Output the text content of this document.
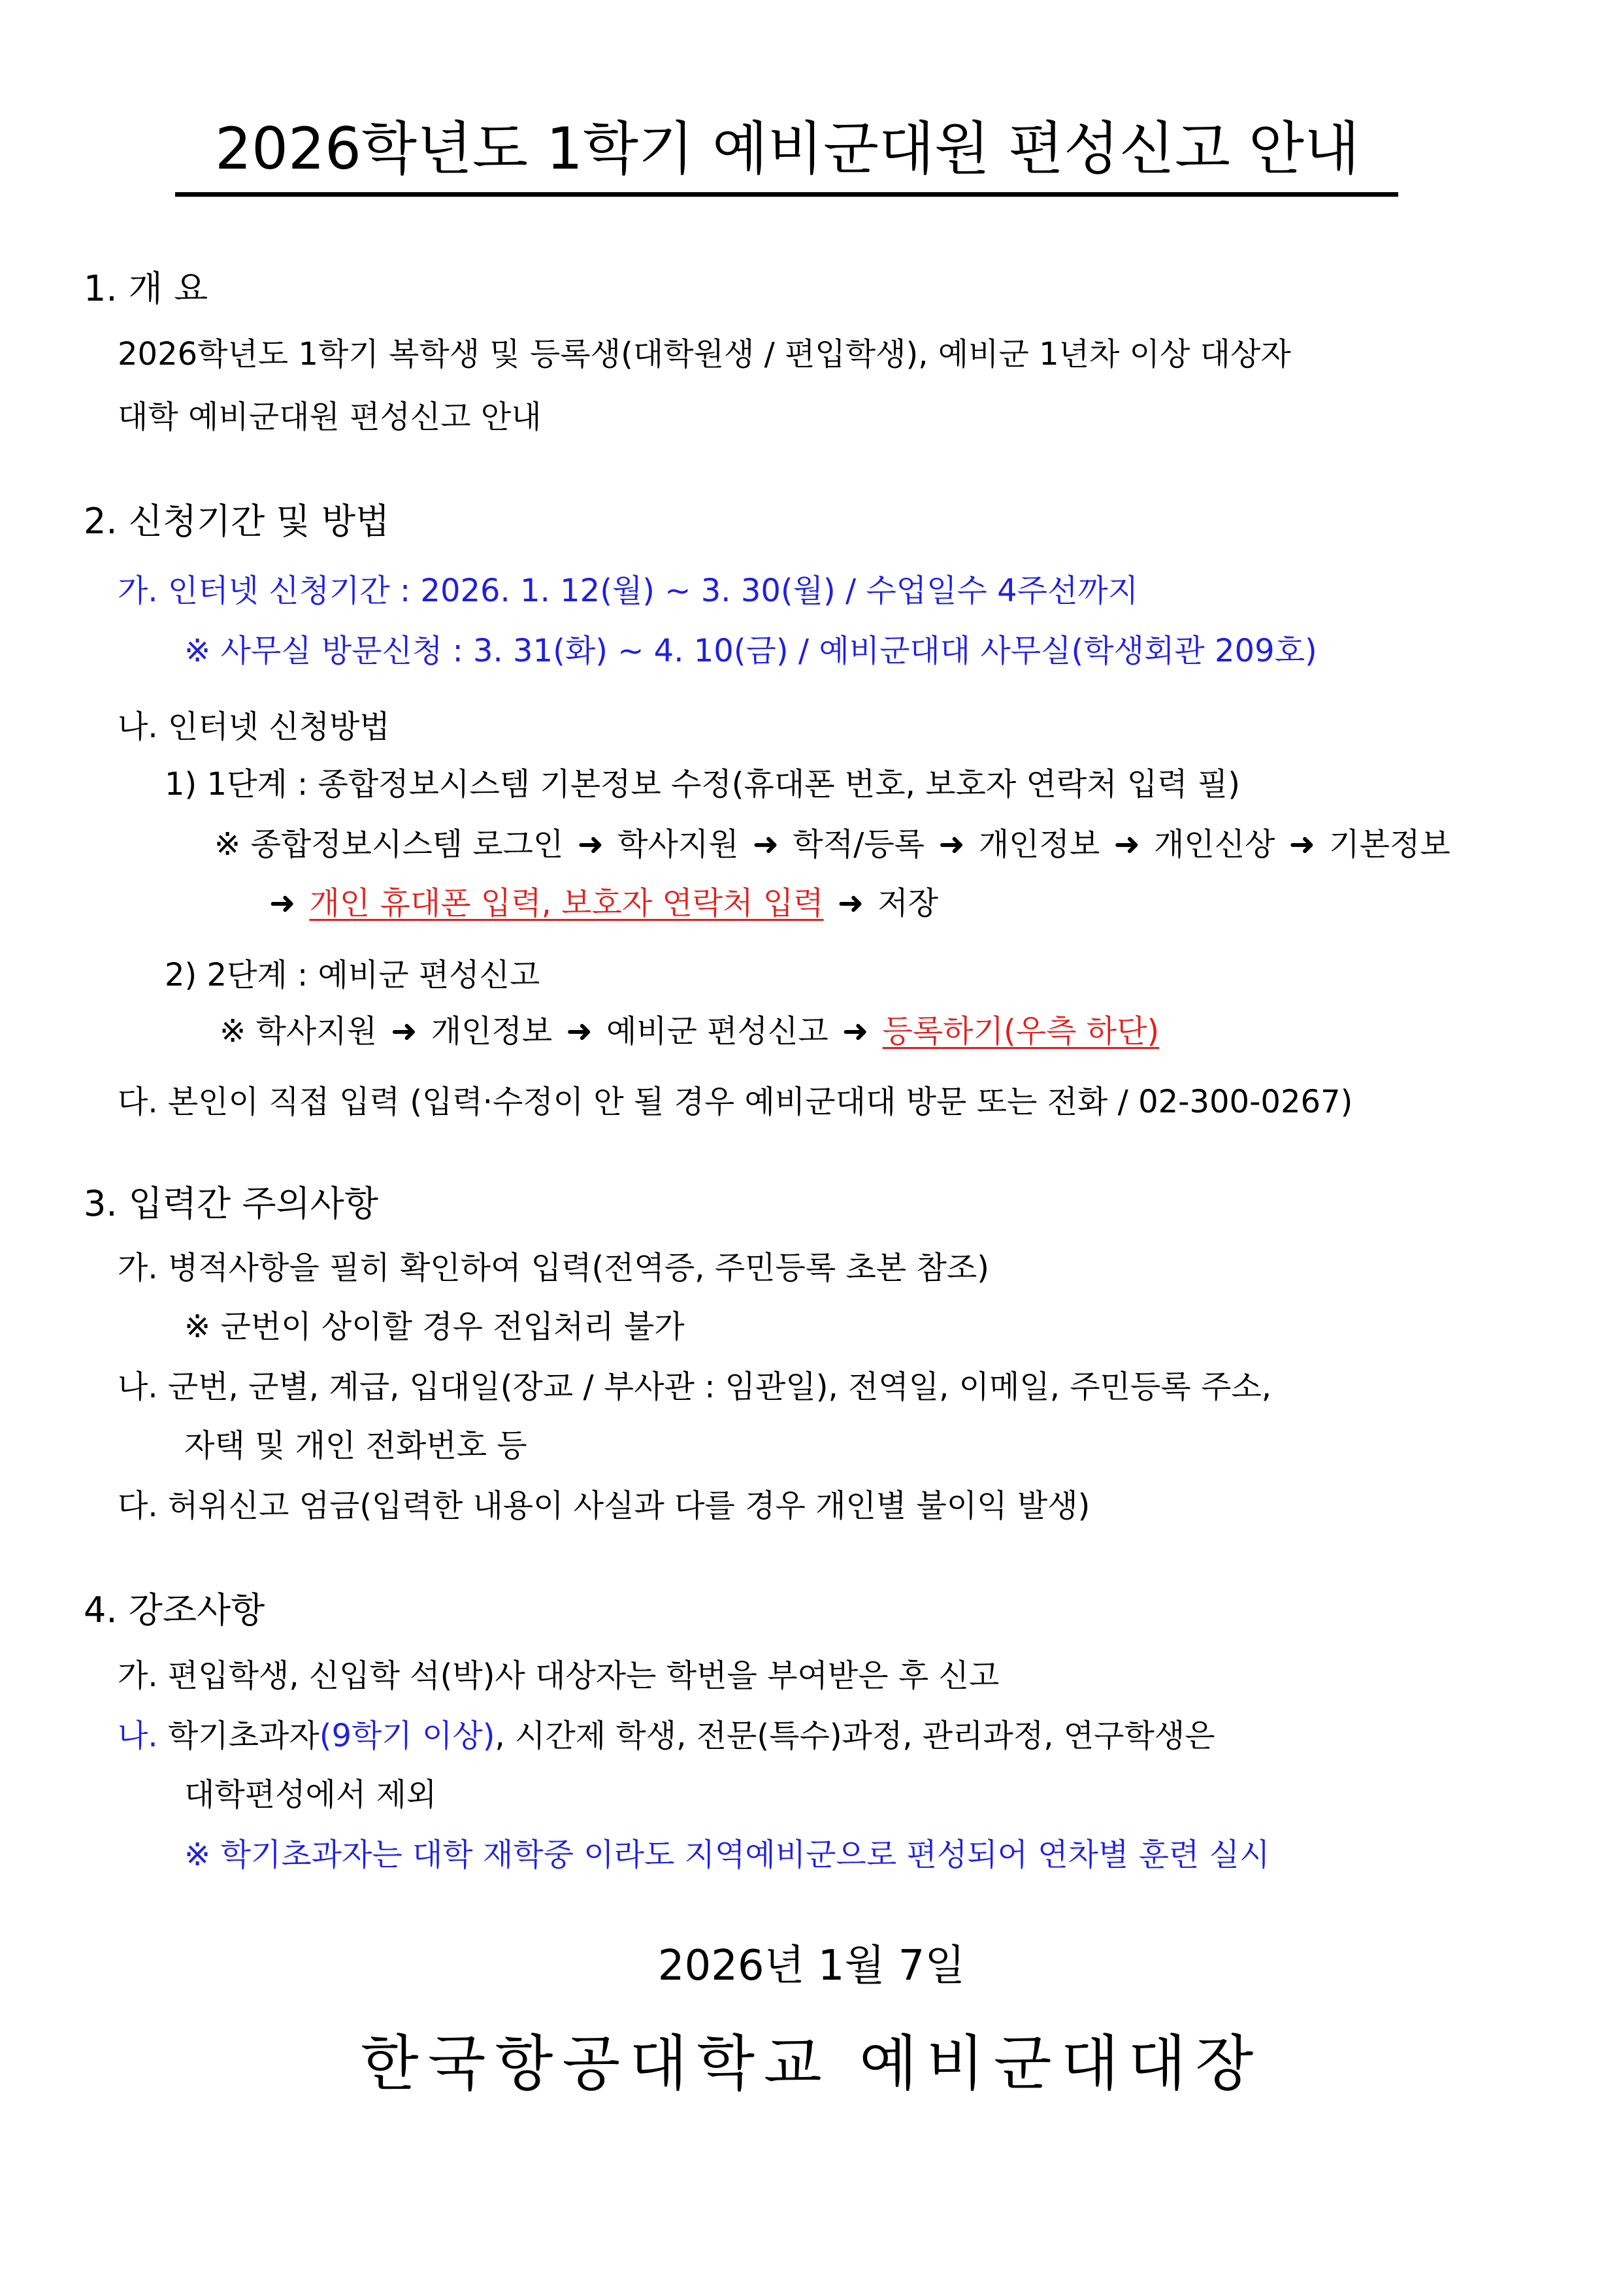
2026학년도 1학기 예비군대원 편성신고 안내
1. 개 요
2026학년도 1학기 복학생 및 등록생(대학원생 / 편입학생), 예비군 1년차 이상 대상자
대학 예비군대원 편성신고 안내
2. 신청기간 및 방법
가. 인터넷 신청기간 : 2026. 1. 12(월) ~ 3. 30(월) / 수업일수 4주선까지
※ 사무실 방문신청 : 3. 31(화) ~ 4. 10(금) / 예비군대대 사무실(학생회관 209호)
나. 인터넷 신청방법
1) 1단계 : 종합정보시스템 기본정보 수정(휴대폰 번호, 보호자 연락처 입력 필)
※ 종합정보시스템 로그인 ➜ 학사지원 ➜ 학적/등록 ➜ 개인정보 ➜ 개인신상 ➜ 기본정보
➜ 개인 휴대폰 입력, 보호자 연락처 입력 ➜ 저장
2) 2단계 : 예비군 편성신고
※ 학사지원 ➜ 개인정보 ➜ 예비군 편성신고 ➜ 등록하기(우측 하단)
다. 본인이 직접 입력 (입력·수정이 안 될 경우 예비군대대 방문 또는 전화 / 02-300-0267)
3. 입력간 주의사항
가. 병적사항을 필히 확인하여 입력(전역증, 주민등록 초본 참조)
※ 군번이 상이할 경우 전입처리 불가
나. 군번, 군별, 계급, 입대일(장교 / 부사관 : 임관일), 전역일, 이메일, 주민등록 주소,
자택 및 개인 전화번호 등
다. 허위신고 엄금(입력한 내용이 사실과 다를 경우 개인별 불이익 발생)
4. 강조사항
가. 편입학생, 신입학 석(박)사 대상자는 학번을 부여받은 후 신고
나. 학기초과자(9학기 이상), 시간제 학생, 전문(특수)과정, 관리과정, 연구학생은
대학편성에서 제외
※ 학기초과자는 대학 재학중 이라도 지역예비군으로 편성되어 연차별 훈련 실시
2026년 1월 7일
한국항공대학교 예비군대대장
